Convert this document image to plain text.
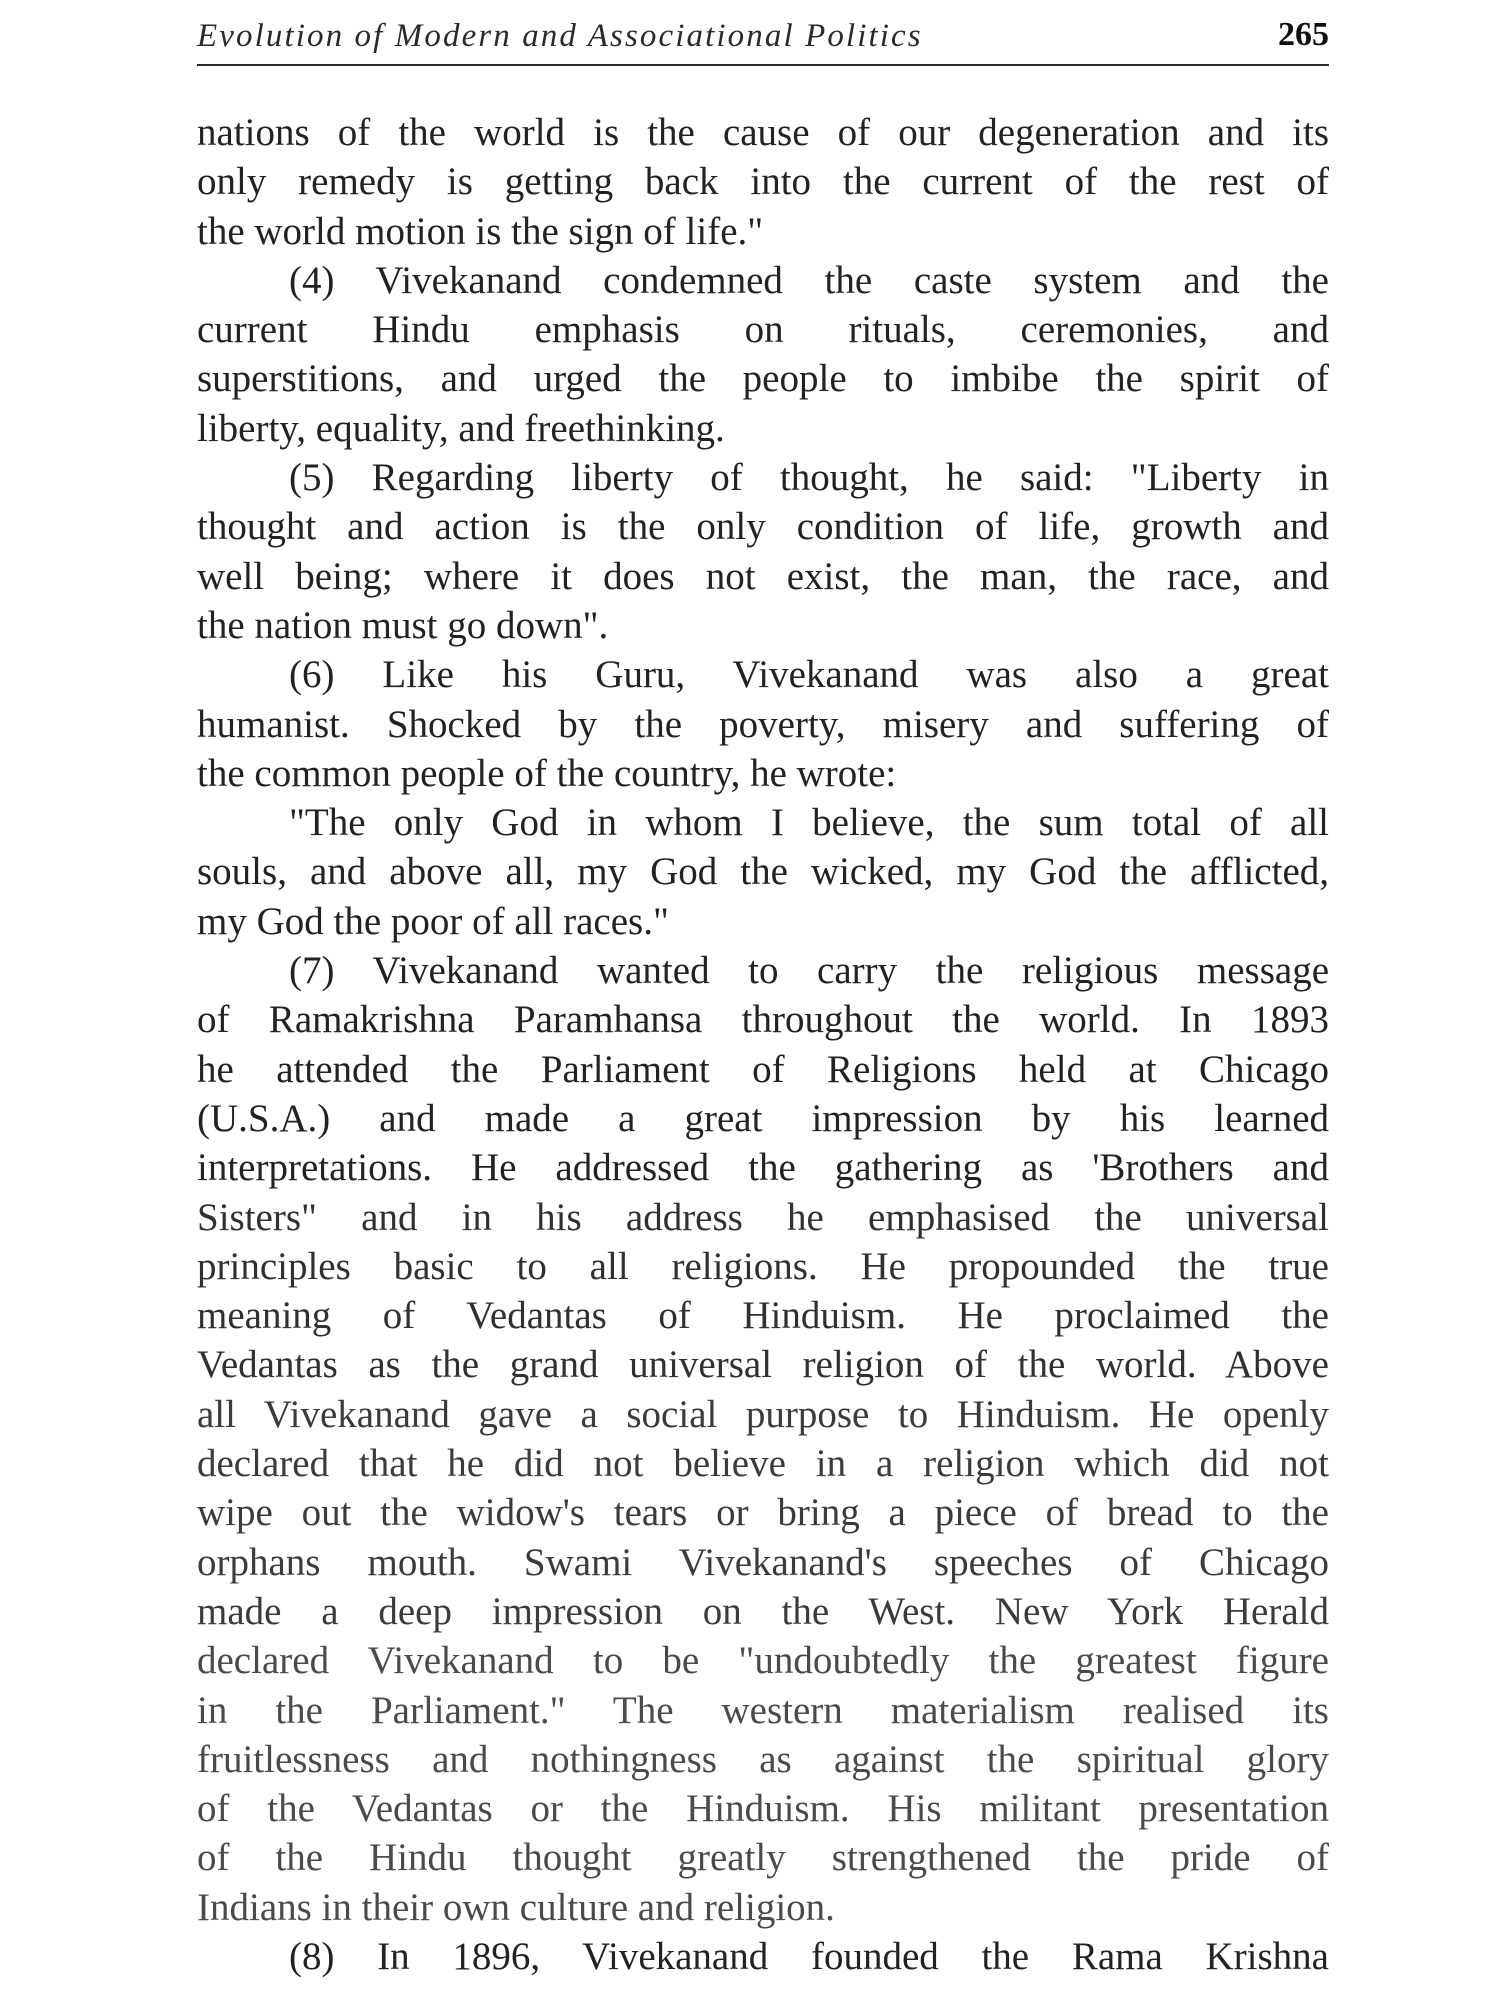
Evolution of Modern and Associational Politics	265
nations of the world is the cause of our degeneration and its
only remedy is getting back into the current of the rest of
the world motion is the sign of life."
(4) Vivekanand condemned the caste system and the
current Hindu emphasis on rituals, ceremonies, and
superstitions, and urged the people to imbibe the spirit of
liberty, equality, and freethinking.
(5) Regarding liberty of thought, he said: "Liberty in
thought and action is the only condition of life, growth and
well being; where it does not exist, the man, the race, and
the nation must go down".
(6) Like his Guru, Vivekanand was also a great
humanist. Shocked by the poverty, misery and suffering of
the common people of the country, he wrote:
"The only God in whom I believe, the sum total of all
souls, and above all, my God the wicked, my God the afflicted,
my God the poor of all races."
(7) Vivekanand wanted to carry the religious message
of Ramakrishna Paramhansa throughout the world. In 1893
he attended the Parliament of Religions held at Chicago
(U.S.A.) and made a great impression by his learned
interpretations. He addressed the gathering as 'Brothers and
Sisters" and in his address he emphasised the universal
principles basic to all religions. He propounded the true
meaning of Vedantas of Hinduism. He proclaimed the
Vedantas as the grand universal religion of the world. Above
all Vivekanand gave a social purpose to Hinduism. He openly
declared that he did not believe in a religion which did not
wipe out the widow's tears or bring a piece of bread to the
orphans mouth. Swami Vivekanand's speeches of Chicago
made a deep impression on the West. New York Herald
declared Vivekanand to be "undoubtedly the greatest figure
in the Parliament." The western materialism realised its
fruitlessness and nothingness as against the spiritual glory
of the Vedantas or the Hinduism. His militant presentation
of the Hindu thought greatly strengthened the pride of
Indians in their own culture and religion.
(8) In 1896, Vivekanand founded the Rama Krishna
